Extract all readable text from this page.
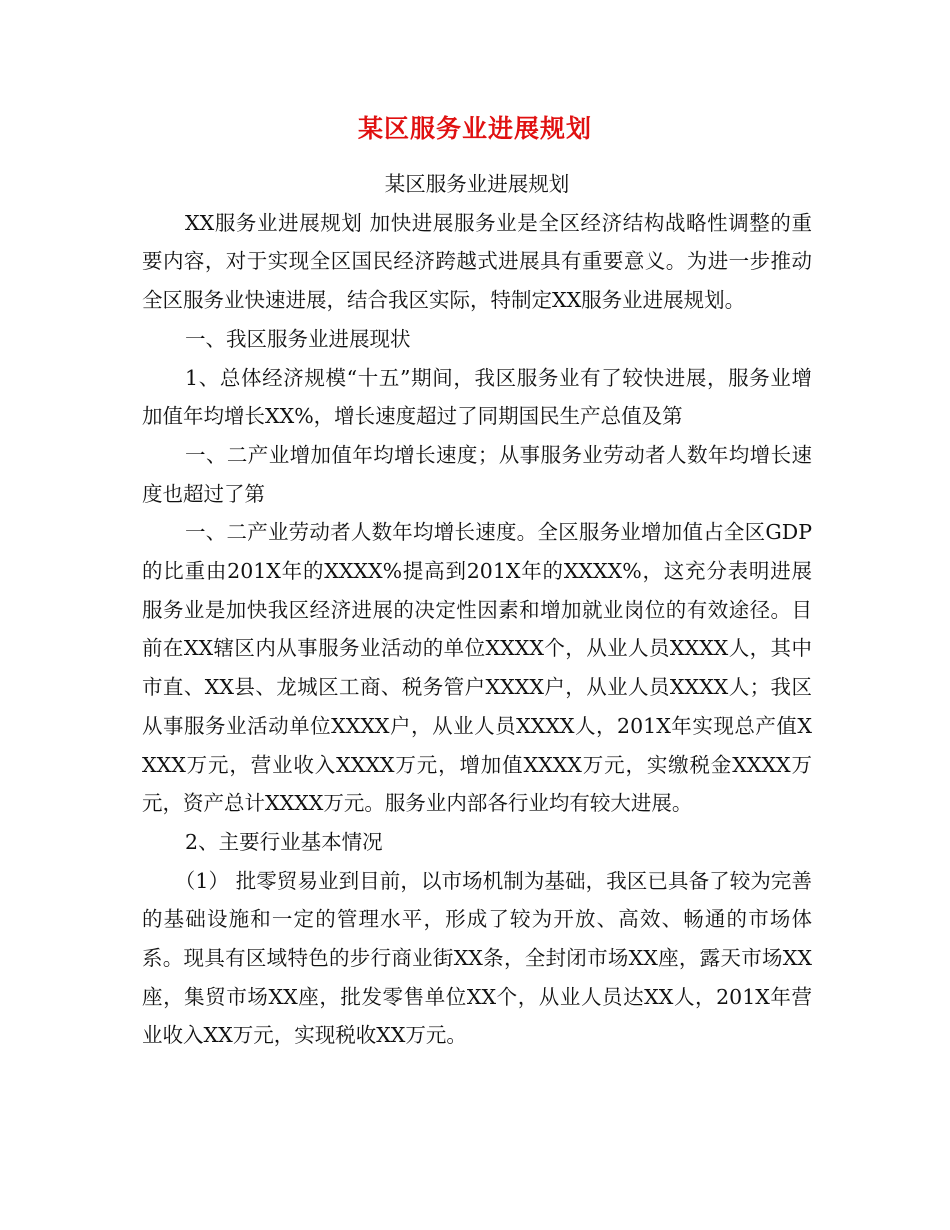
某区服务业进展规划

某区服务业进展规划

XX服务业进展规划 加快进展服务业是全区经济结构战略性调整的重要内容，对于实现全区国民经济跨越式进展具有重要意义。为进一步推动全区服务业快速进展，结合我区实际，特制定XX服务业进展规划。

一、我区服务业进展现状

1、总体经济规模“十五”期间，我区服务业有了较快进展，服务业增加值年均增长XX%，增长速度超过了同期国民生产总值及第

一、二产业增加值年均增长速度；从事服务业劳动者人数年均增长速度也超过了第

一、二产业劳动者人数年均增长速度。全区服务业增加值占全区GDP的比重由201X年的XXXX%提高到201X年的XXXX%，这充分表明进展服务业是加快我区经济进展的决定性因素和增加就业岗位的有效途径。目前在XX辖区内从事服务业活动的单位XXXX个，从业人员XXXX人，其中市直、XX县、龙城区工商、税务管户XXXX户，从业人员XXXX人；我区从事服务业活动单位XXXX户，从业人员XXXX人，201X年实现总产值XXXX万元，营业收入XXXX万元，增加值XXXX万元，实缴税金XXXX万元，资产总计XXXX万元。服务业内部各行业均有较大进展。

2、主要行业基本情况

（1） 批零贸易业到目前，以市场机制为基础，我区已具备了较为完善的基础设施和一定的管理水平，形成了较为开放、高效、畅通的市场体系。现具有区域特色的步行商业街XX条，全封闭市场XX座，露天市场XX座，集贸市场XX座，批发零售单位XX个，从业人员达XX人，201X年营业收入XX万元，实现税收XX万元。
